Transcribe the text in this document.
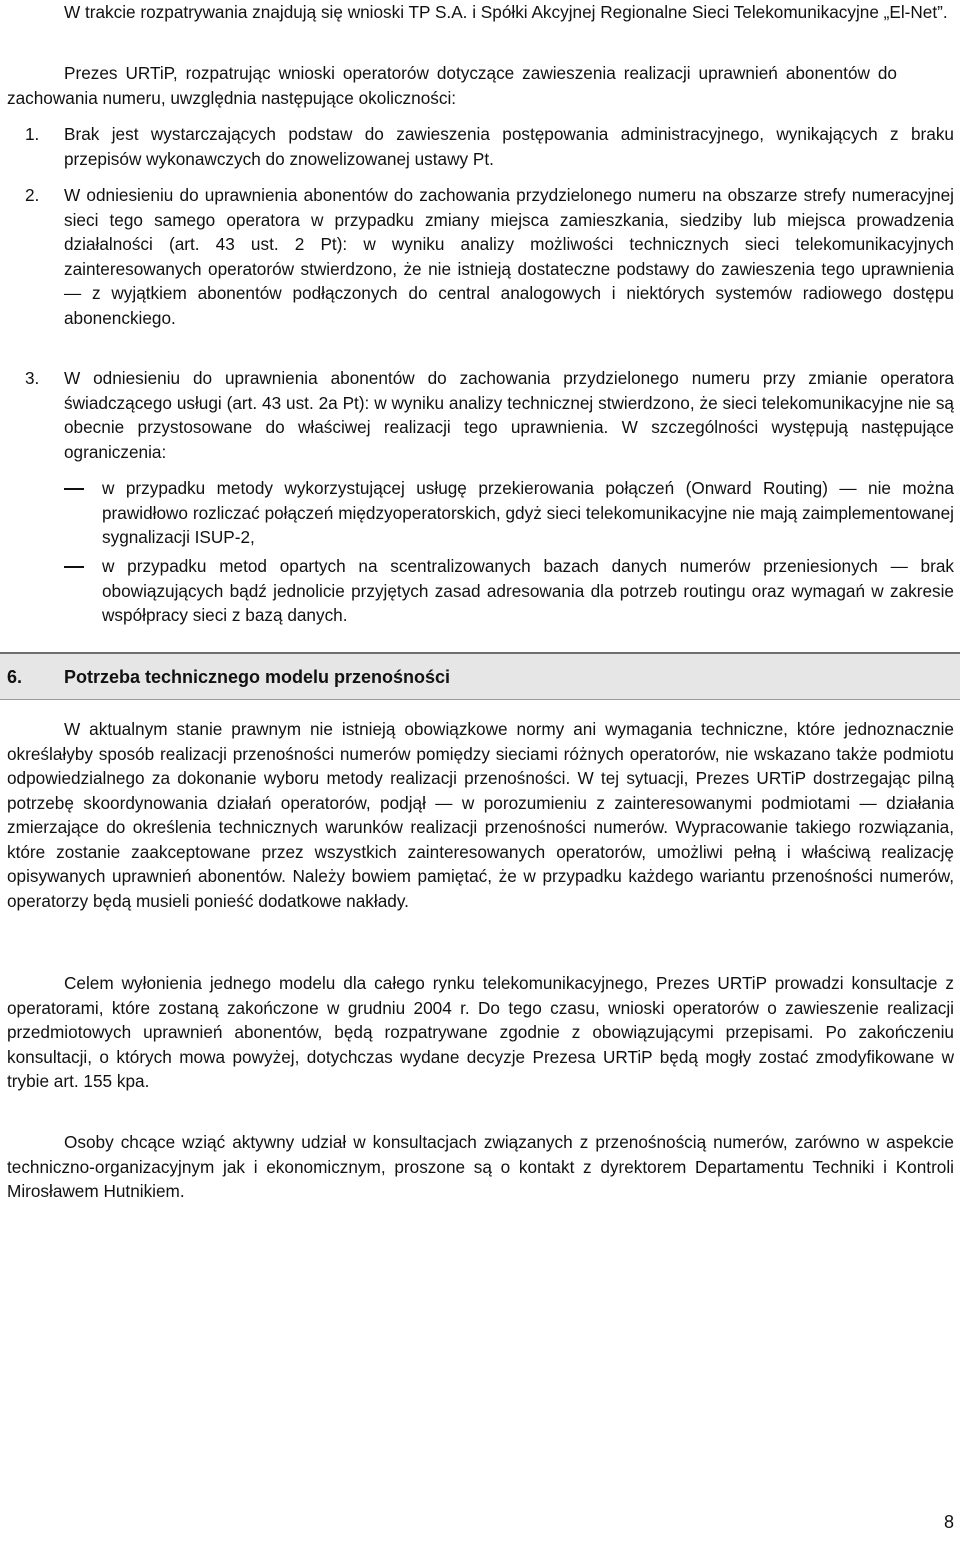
W trakcie rozpatrywania znajdują się wnioski TP S.A. i Spółki Akcyjnej Regionalne Sieci Telekomunikacyjne „El-Net”.

Prezes URTiP, rozpatrując wnioski operatorów dotyczące zawieszenia realizacji uprawnień abonentów do zachowania numeru, uwzględnia następujące okoliczności:

1. Brak jest wystarczających podstaw do zawieszenia postępowania administracyjnego, wynikających z braku przepisów wykonawczych do znowelizowanej ustawy Pt.

2. W odniesieniu do uprawnienia abonentów do zachowania przydzielonego numeru na obszarze strefy numeracyjnej sieci tego samego operatora w przypadku zmiany miejsca zamieszkania, siedziby lub miejsca prowadzenia działalności (art. 43 ust. 2 Pt): w wyniku analizy możliwości technicznych sieci telekomunikacyjnych zainteresowanych operatorów stwierdzono, że nie istnieją dostateczne podstawy do zawieszenia tego uprawnienia — z wyjątkiem abonentów podłączonych do central analogowych i niektórych systemów radiowego dostępu abonenckiego.

3. W odniesieniu do uprawnienia abonentów do zachowania przydzielonego numeru przy zmianie operatora świadczącego usługi (art. 43 ust. 2a Pt): w wyniku analizy technicznej stwierdzono, że sieci telekomunikacyjne nie są obecnie przystosowane do właściwej realizacji tego uprawnienia. W szczególności występują następujące ograniczenia:

w przypadku metody wykorzystującej usługę przekierowania połączeń (Onward Routing) — nie można prawidłowo rozliczać połączeń międzyoperatorskich, gdyż sieci telekomunikacyjne nie mają zaimplementowanej sygnalizacji ISUP-2,

w przypadku metod opartych na scentralizowanych bazach danych numerów przeniesionych — brak obowiązujących bądź jednolicie przyjętych zasad adresowania dla potrzeb routingu oraz wymagań w zakresie współpracy sieci z bazą danych.

6. Potrzeba technicznego modelu przenośności

W aktualnym stanie prawnym nie istnieją obowiązkowe normy ani wymagania techniczne, które jednoznacznie określałyby sposób realizacji przenośności numerów pomiędzy sieciami różnych operatorów, nie wskazano także podmiotu odpowiedzialnego za dokonanie wyboru metody realizacji przenośności. W tej sytuacji, Prezes URTiP dostrzegając pilną potrzebę skoordynowania działań operatorów, podjął — w porozumieniu z zainteresowanymi podmiotami — działania zmierzające do określenia technicznych warunków realizacji przenośności numerów. Wypracowanie takiego rozwiązania, które zostanie zaakceptowane przez wszystkich zainteresowanych operatorów, umożliwi pełną i właściwą realizację opisywanych uprawnień abonentów. Należy bowiem pamiętać, że w przypadku każdego wariantu przenośności numerów, operatorzy będą musieli ponieść dodatkowe nakłady.

Celem wyłonienia jednego modelu dla całego rynku telekomunikacyjnego, Prezes URTiP prowadzi konsultacje z operatorami, które zostaną zakończone w grudniu 2004 r. Do tego czasu, wnioski operatorów o zawieszenie realizacji przedmiotowych uprawnień abonentów, będą rozpatrywane zgodnie z obowiązującymi przepisami. Po zakończeniu konsultacji, o których mowa powyżej, dotychczas wydane decyzje Prezesa URTiP będą mogły zostać zmodyfikowane w trybie art. 155 kpa.

Osoby chcące wziąć aktywny udział w konsultacjach związanych z przenośnością numerów, zarówno w aspekcie techniczno-organizacyjnym jak i ekonomicznym, proszone są o kontakt z dyrektorem Departamentu Techniki i Kontroli Mirosławem Hutnikiem.

8
